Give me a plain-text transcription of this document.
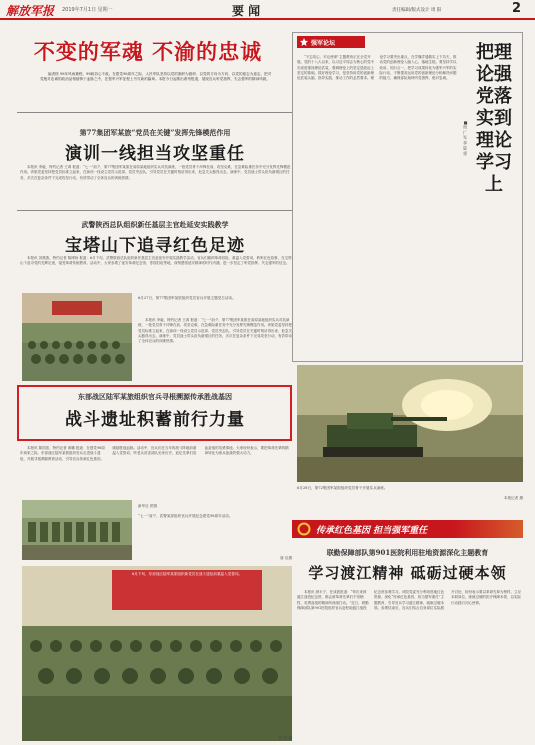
解放军报 2019年7月1日 星期一	要 闻	责任编辑/版式设计 周 阳	2
不变的军魂 不渝的忠诚
编者按 98年风雨兼程，98载初心不改。在建党98周年之际，人民军队坚持以党的旗帜为旗帜、以党的方向为方向、以党的意志为意志，把对党绝对忠诚的政治品格熔铸于血脉之中，在强军兴军征程上书写新的篇章。本报今日起推出系列报道，展现官兵听党指挥、矢志强军的精神风貌。
第77集团军某旅“党员在关键”发挥先锋模范作用
演训一线担当攻坚重任

本报讯 李毅、特约记者 王鸿 报道：“七一”前夕，第77集团军某旅在高原某地组织实兵对抗演练，一批党员骨干冲锋在前、攻坚克难，在急难险重任务中充分发挥先锋模范作用。该旅党委坚持把党员标准立起来，在演训一线设立党员示范岗、党员突击队，引导党员在关键时刻站得出来、危急关头豁得出去。演练中，党员战士带头担负最艰巨的任务，多次在复杂条件下完成攻坚行动，有效带动了全体官兵的训练热情。

武警陕西总队组织新任基层主官赴延安实践教学
宝塔山下追寻红色足迹

本报讯 刘燕燕、特约记者 陈博扬 报道：6月下旬，武警陕西总队组织新任基层主官赴延安开展实践教学活动，官兵们瞻仰革命旧址、重温入党誓词、聆听红色故事，在宝塔山下追寻党的光辉足迹，接受革命传统教育。活动中，大家参观了延安革命纪念馆、枣园旧址等地，深刻感悟延安精神的时代内涵，进一步坚定了听党指挥、矢志强军的信念。

强军论坛	把理论强党落实到理论学习上
■周 广 军 李 进 勇

“不忘初心、牢记使命”主题教育正在全党开展。党的十八大以来，以习近平同志为核心的党中央高度重视理论武装，强调理论上的坚定是政治上坚定的基础。抓好理论学习，是坚持用党的创新理论武装头脑、指导实践、推动工作的必然要求。理论学习要突出重点，在学懂弄通做实上下功夫，推动党的创新理论入脑入心、落地生根。要坚持学以致用、知行合一，把学习成果转化为强军兴军的实际行动，不断提高运用党的创新理论分析解决问题的能力，确保部队始终听党指挥、绝对忠诚。

6月27日，第77集团军某旅组织党员官兵开展主题党日活动。

本报讯 李毅、特约记者 王鸿 报道：“七一”前夕，第77集团军某旅在高原某地组织实兵对抗演练，一批党员骨干冲锋在前、攻坚克难，在急难险重任务中充分发挥先锋模范作用。该旅党委坚持把党员标准立起来，在演训一线设立党员示范岗、党员突击队，引导党员在关键时刻站得出来、危急关头豁得出去。演练中，党员战士带头担负最艰巨的任务，多次在复杂条件下完成攻坚行动，有效带动了全体官兵的训练热情。

东部战区陆军某旅组织官兵寻根溯源传承胜战基因
战斗遗址积蓄前行力量

本报讯 陈国喜、特约记者 黄鹏 报道：在建党98周年到来之际，东部战区陆军某旅组织官兵走进战斗遗址，开展寻根溯源教育活动，引导官兵传承红色基因、赓续胜战血脉。活动中，官兵们在当年的战斗阵地前重温入党誓词，听老兵讲述部队光荣历史，追忆先辈们浴血奋战的英勇事迹。大家纷纷表示，要把革命先辈的精神转化为练兵备战的强大动力。

6月28日，第72集团军某旅组织党员骨干开展实兵演练。
本报记者 摄
新华社 供图
“七一”前夕，武警某部组织官兵开展纪念建党98周年活动。
唐 启摄
6月下旬，东部战区陆军某旅组织新党员在战斗遗址前重温入党誓词。
徐 然 摄
传承红色基因 担当强军重任
联勤保障部队第901医院利用驻地资源深化主题教育
学习渡江精神 砥砺过硬本领

本报讯 颜永宁、任成波报道：“每次来到渡江战役纪念馆，都会被革命先辈们不怕牺牲、英勇奋战的精神所深深打动。”近日，联勤保障部队第901医院组织官兵赴驻地渡江战役纪念馆参观学习。该院党委充分利用驻地红色资源，深化“传承红色基因、担当强军重任”主题教育，引导官兵学习渡江精神、砥砺过硬本领。参观结束后，官兵们结合自身岗位实际展开讨论，纷纷表示要以革命先辈为榜样，立足本职岗位，练就过硬的医疗保障本领，以实际行动践行初心使命。
